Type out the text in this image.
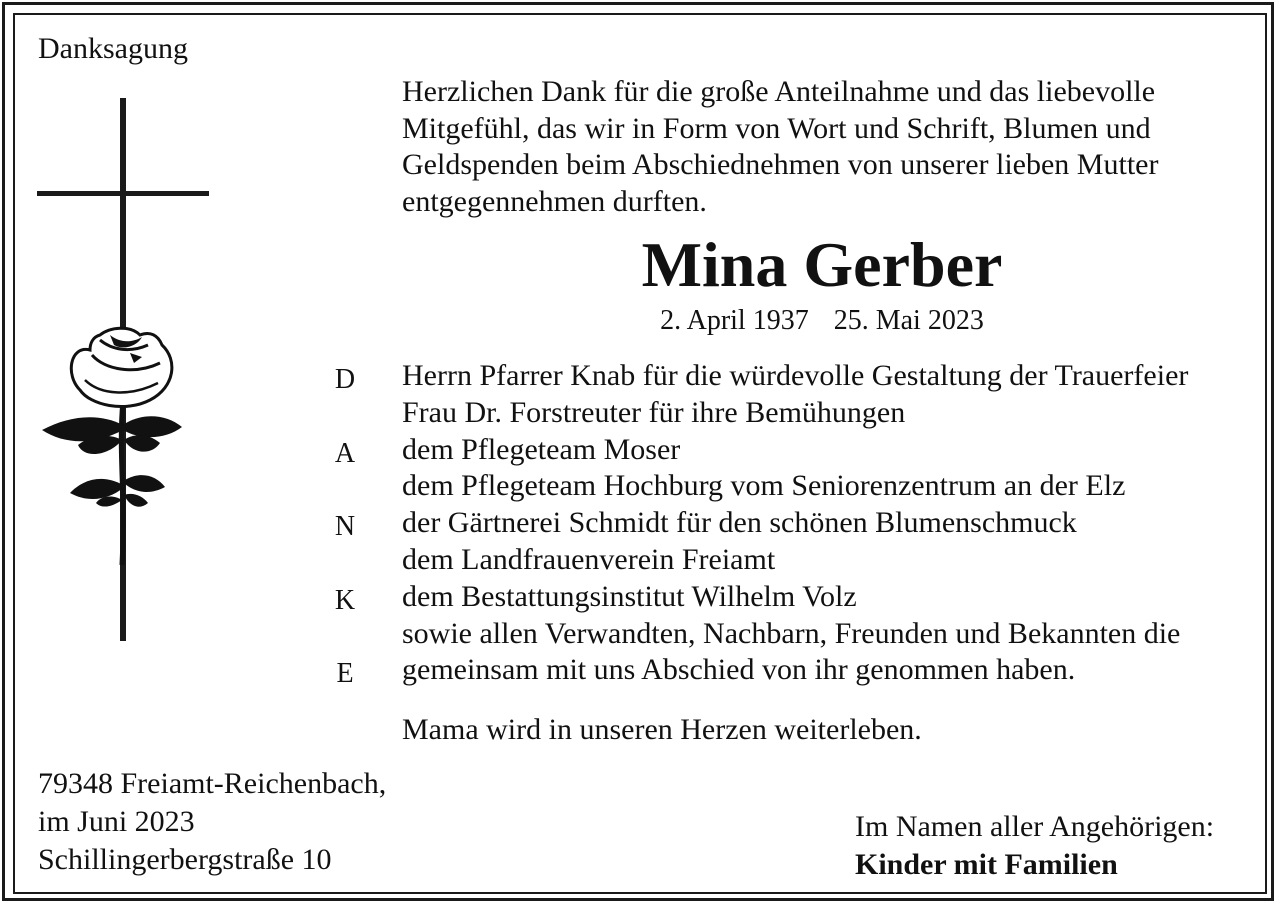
Danksagung
Herzlichen Dank für die große Anteilnahme und das liebevolle
Mitgefühl, das wir in Form von Wort und Schrift, Blumen und
Geldspenden beim Abschiednehmen von unserer lieben Mutter
entgegennehmen durften.
Mina Gerber
2. April 1937 25. Mai 2023
D
A
N
K
E
Herrn Pfarrer Knab für die würdevolle Gestaltung der Trauerfeier
Frau Dr. Forstreuter für ihre Bemühungen
dem Pflegeteam Moser
dem Pflegeteam Hochburg vom Seniorenzentrum an der Elz
der Gärtnerei Schmidt für den schönen Blumenschmuck
dem Landfrauenverein Freiamt
dem Bestattungsinstitut Wilhelm Volz
sowie allen Verwandten, Nachbarn, Freunden und Bekannten die
gemeinsam mit uns Abschied von ihr genommen haben.
Mama wird in unseren Herzen weiterleben.
79348 Freiamt-Reichenbach,
im Juni 2023
Schillingerbergstraße 10
Im Namen aller Angehörigen:
Kinder mit Familien
